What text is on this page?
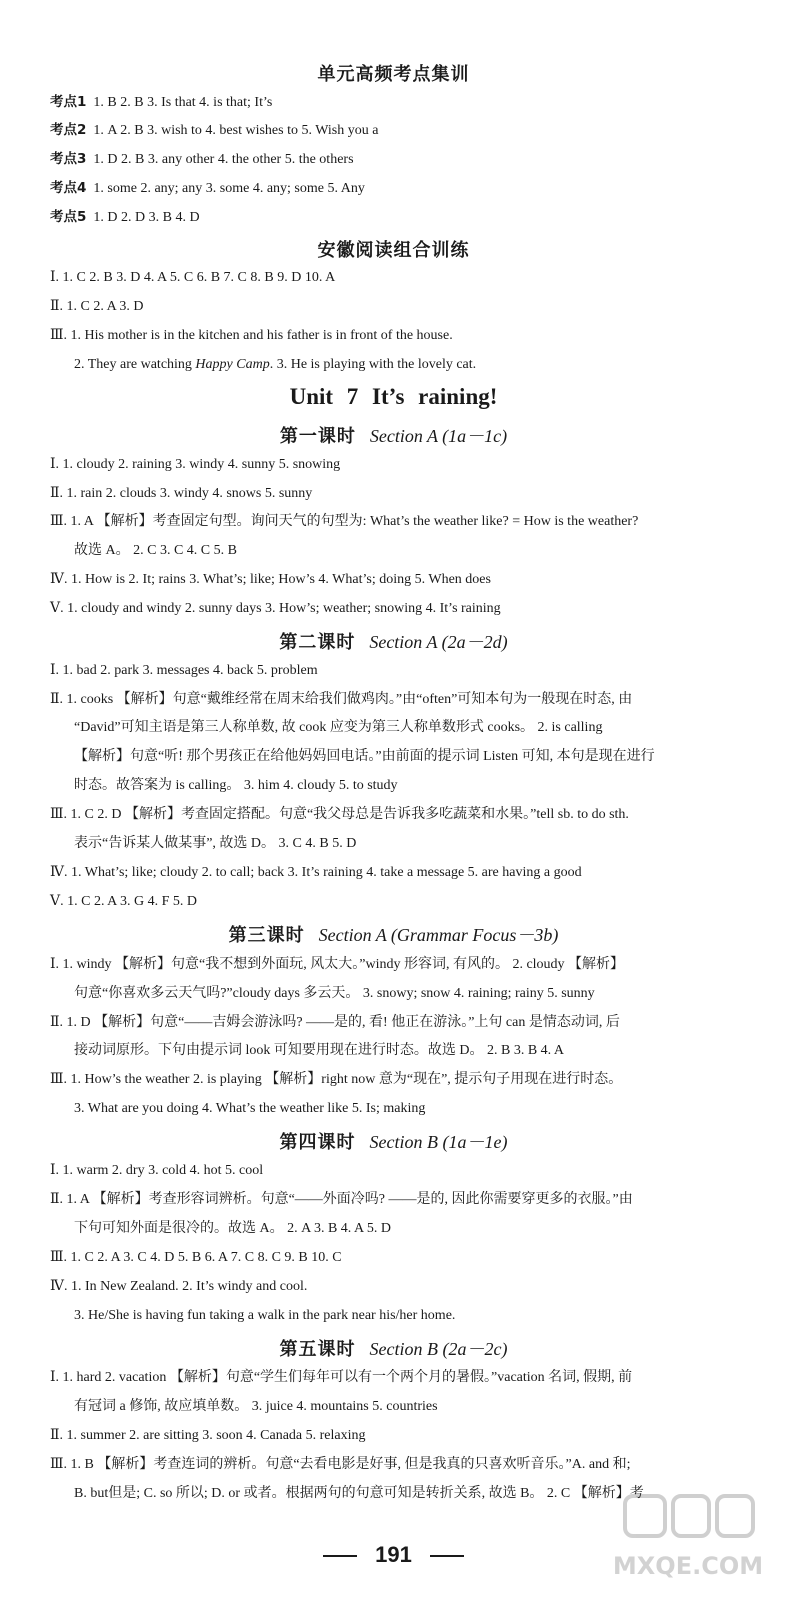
单元高频考点集训
考点1 1. B 2. B 3. Is that 4. is that; It’s
考点2 1. A 2. B 3. wish to 4. best wishes to 5. Wish you a
考点3 1. D 2. B 3. any other 4. the other 5. the others
考点4 1. some 2. any; any 3. some 4. any; some 5. Any
考点5 1. D 2. D 3. B 4. D
安徽阅读组合训练
Ⅰ. 1. C 2. B 3. D 4. A 5. C 6. B 7. C 8. B 9. D 10. A
Ⅱ. 1. C 2. A 3. D
Ⅲ. 1. His mother is in the kitchen and his father is in front of the house.
2. They are watching Happy Camp. 3. He is playing with the lovely cat.
Unit 7 It’s raining!
第一课时 Section A (1a－1c)
Ⅰ. 1. cloudy 2. raining 3. windy 4. sunny 5. snowing
Ⅱ. 1. rain 2. clouds 3. windy 4. snows 5. sunny
Ⅲ. 1. A 【解析】考查固定句型。询问天气的句型为: What’s the weather like? = How is the weather?
故选 A。 2. C 3. C 4. C 5. B
Ⅳ. 1. How is 2. It; rains 3. What’s; like; How’s 4. What’s; doing 5. When does
Ⅴ. 1. cloudy and windy 2. sunny days 3. How’s; weather; snowing 4. It’s raining
第二课时 Section A (2a－2d)
Ⅰ. 1. bad 2. park 3. messages 4. back 5. problem
Ⅱ. 1. cooks 【解析】句意“戴维经常在周末给我们做鸡肉。”由“often”可知本句为一般现在时态, 由
“David”可知主语是第三人称单数, 故 cook 应变为第三人称单数形式 cooks。 2. is calling
【解析】句意“听! 那个男孩正在给他妈妈回电话。”由前面的提示词 Listen 可知, 本句是现在进行
时态。故答案为 is calling。 3. him 4. cloudy 5. to study
Ⅲ. 1. C 2. D 【解析】考查固定搭配。句意“我父母总是告诉我多吃蔬菜和水果。”tell sb. to do sth.
表示“告诉某人做某事”, 故选 D。 3. C 4. B 5. D
Ⅳ. 1. What’s; like; cloudy 2. to call; back 3. It’s raining 4. take a message 5. are having a good
Ⅴ. 1. C 2. A 3. G 4. F 5. D
第三课时 Section A (Grammar Focus－3b)
Ⅰ. 1. windy 【解析】句意“我不想到外面玩, 风太大。”windy 形容词, 有风的。 2. cloudy 【解析】
句意“你喜欢多云天气吗?”cloudy days 多云天。 3. snowy; snow 4. raining; rainy 5. sunny
Ⅱ. 1. D 【解析】句意“——吉姆会游泳吗? ——是的, 看! 他正在游泳。”上句 can 是情态动词, 后
接动词原形。下句由提示词 look 可知要用现在进行时态。故选 D。 2. B 3. B 4. A
Ⅲ. 1. How’s the weather 2. is playing 【解析】right now 意为“现在”, 提示句子用现在进行时态。
3. What are you doing 4. What’s the weather like 5. Is; making
第四课时 Section B (1a－1e)
Ⅰ. 1. warm 2. dry 3. cold 4. hot 5. cool
Ⅱ. 1. A 【解析】考查形容词辨析。句意“——外面冷吗? ——是的, 因此你需要穿更多的衣服。”由
下句可知外面是很冷的。故选 A。 2. A 3. B 4. A 5. D
Ⅲ. 1. C 2. A 3. C 4. D 5. B 6. A 7. C 8. C 9. B 10. C
Ⅳ. 1. In New Zealand. 2. It’s windy and cool.
3. He/She is having fun taking a walk in the park near his/her home.
第五课时 Section B (2a－2c)
Ⅰ. 1. hard 2. vacation 【解析】句意“学生们每年可以有一个两个月的暑假。”vacation 名词, 假期, 前
有冠词 a 修饰, 故应填单数。 3. juice 4. mountains 5. countries
Ⅱ. 1. summer 2. are sitting 3. soon 4. Canada 5. relaxing
Ⅲ. 1. B 【解析】考查连词的辨析。句意“去看电影是好事, 但是我真的只喜欢听音乐。”A. and 和;
B. but但是; C. so 所以; D. or 或者。根据两句的句意可知是转折关系, 故选 B。 2. C 【解析】考
191	MXQE.COM
